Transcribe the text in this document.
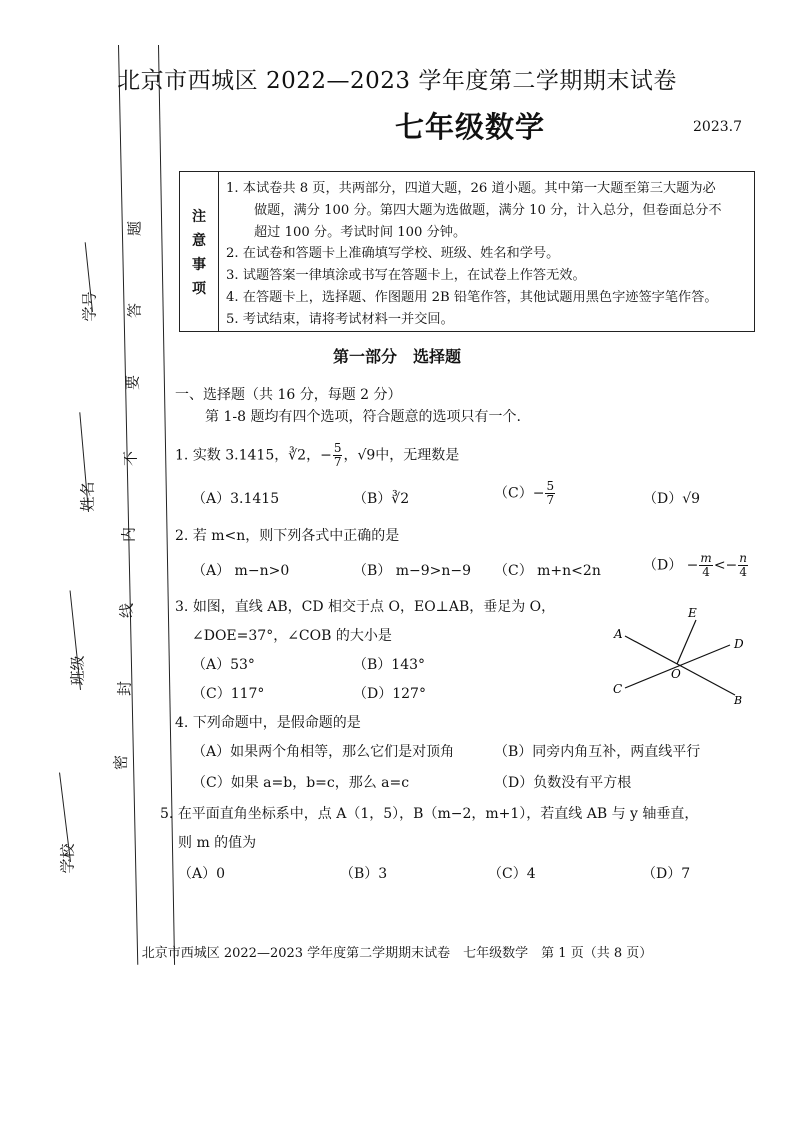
学号
姓名
班级
学校
题
答
要
不
内
线
封
密
北京市西城区 2022—2023 学年度第二学期期末试卷
七年级数学	2023.7
注
意
事
项
1. 本试卷共 8 页，共两部分，四道大题，26 道小题。其中第一大题至第三大题为必
做题，满分 100 分。第四大题为选做题，满分 10 分，计入总分，但卷面总分不
超过 100 分。考试时间 100 分钟。
2. 在试卷和答题卡上准确填写学校、班级、姓名和学号。
3. 试题答案一律填涂或书写在答题卡上，在试卷上作答无效。
4. 在答题卡上，选择题、作图题用 2B 铅笔作答，其他试题用黑色字迹签字笔作答。
5. 考试结束，请将考试材料一并交回。
第一部分　选择题
一、选择题（共 16 分，每题 2 分）
第 1-8 题均有四个选项，符合题意的选项只有一个.
1. 实数 3.1415，∛2，− $\frac{5}{7}$ ，√9中，无理数是
（A）3.1415	（B）∛2	$(C)- \frac{5}{7}$	（D）√9
2. 若 m<n，则下列各式中正确的是
（A） m−n>0	（B） m−9>n−9 （C） m+n<2n	$(D) - \frac{m}{4} <- \frac{n}{4}$
3. 如图，直线 AB，CD 相交于点 O，EO⊥AB，垂足为 O，
∠DOE=37°，∠COB 的大小是
（A）53°	（B）143°
（C）117°	（D）127°
E
A
D
O
C
B
4. 下列命题中，是假命题的是
（A）如果两个角相等，那么它们是对顶角	（B）同旁内角互补，两直线平行
（C）如果 a=b，b=c，那么 a=c	（D）负数没有平方根
5. 在平面直角坐标系中，点 A（1，5），B（m−2，m+1），若直线 AB 与 y 轴垂直，
则 m 的值为
（A）0	（B）3	（C）4	（D）7
北京市西城区 2022—2023 学年度第二学期期末试卷　七年级数学　第 1 页（共 8 页）
